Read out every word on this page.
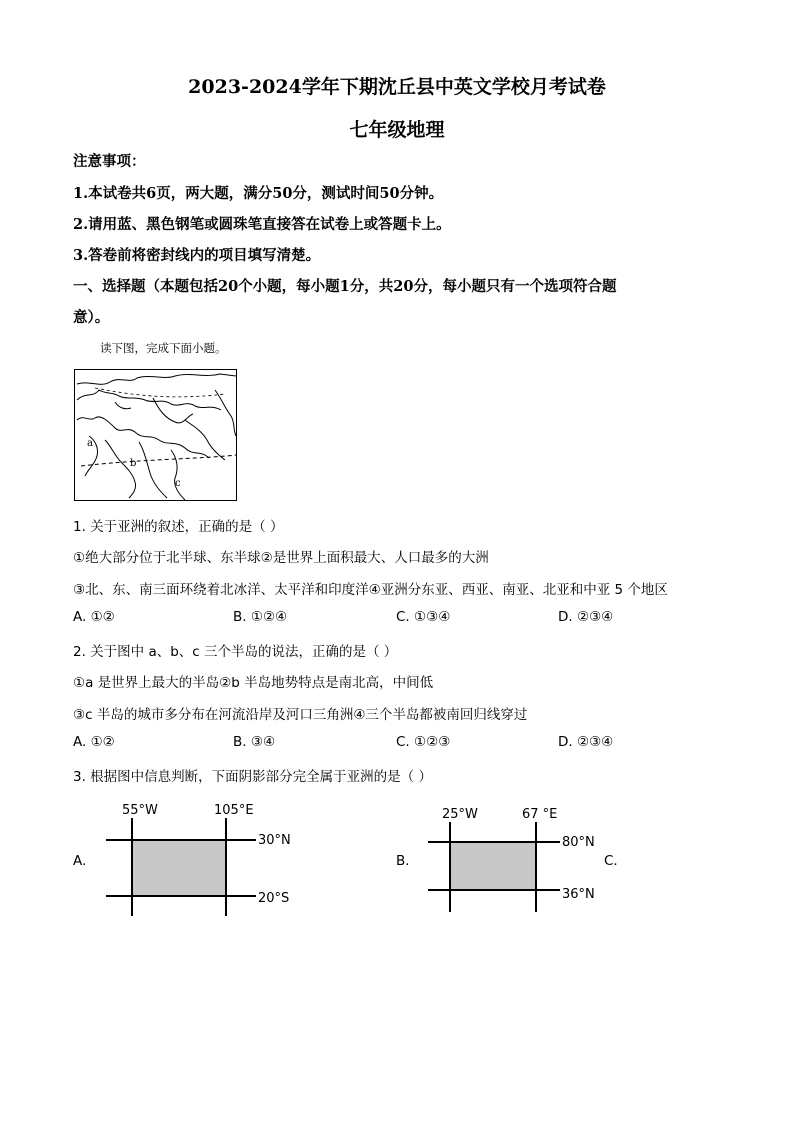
2023-2024学年下期沈丘县中英文学校月考试卷
七年级地理
注意事项：
1.本试卷共6页，两大题，满分50分，测试时间50分钟。
2.请用蓝、黑色钢笔或圆珠笔直接答在试卷上或答题卡上。
3.答卷前将密封线内的项目填写清楚。
一、选择题（本题包括20个小题，每小题1分，共20分，每小题只有一个选项符合题
意）。
读下图，完成下面小题。
a
b
c
1. 关于亚洲的叙述，正确的是（ ）
①绝大部分位于北半球、东半球②是世界上面积最大、人口最多的大洲
③北、东、南三面环绕着北冰洋、太平洋和印度洋④亚洲分东亚、西亚、南亚、北亚和中亚 5 个地区
A. ①②	B. ①②④	C. ①③④	D. ②③④
2. 关于图中 a、b、c 三个半岛的说法，正确的是（ ）
①a 是世界上最大的半岛②b 半岛地势特点是南北高，中间低
③c 半岛的城市多分布在河流沿岸及河口三角洲④三个半岛都被南回归线穿过
A. ①②	B. ③④	C. ①②③	D. ②③④
3. 根据图中信息判断，下面阴影部分完全属于亚洲的是（ ）
A.
55°W	105°E
30°N
20°S
B.
25°W	67 °E
80°N
36°N
C.
